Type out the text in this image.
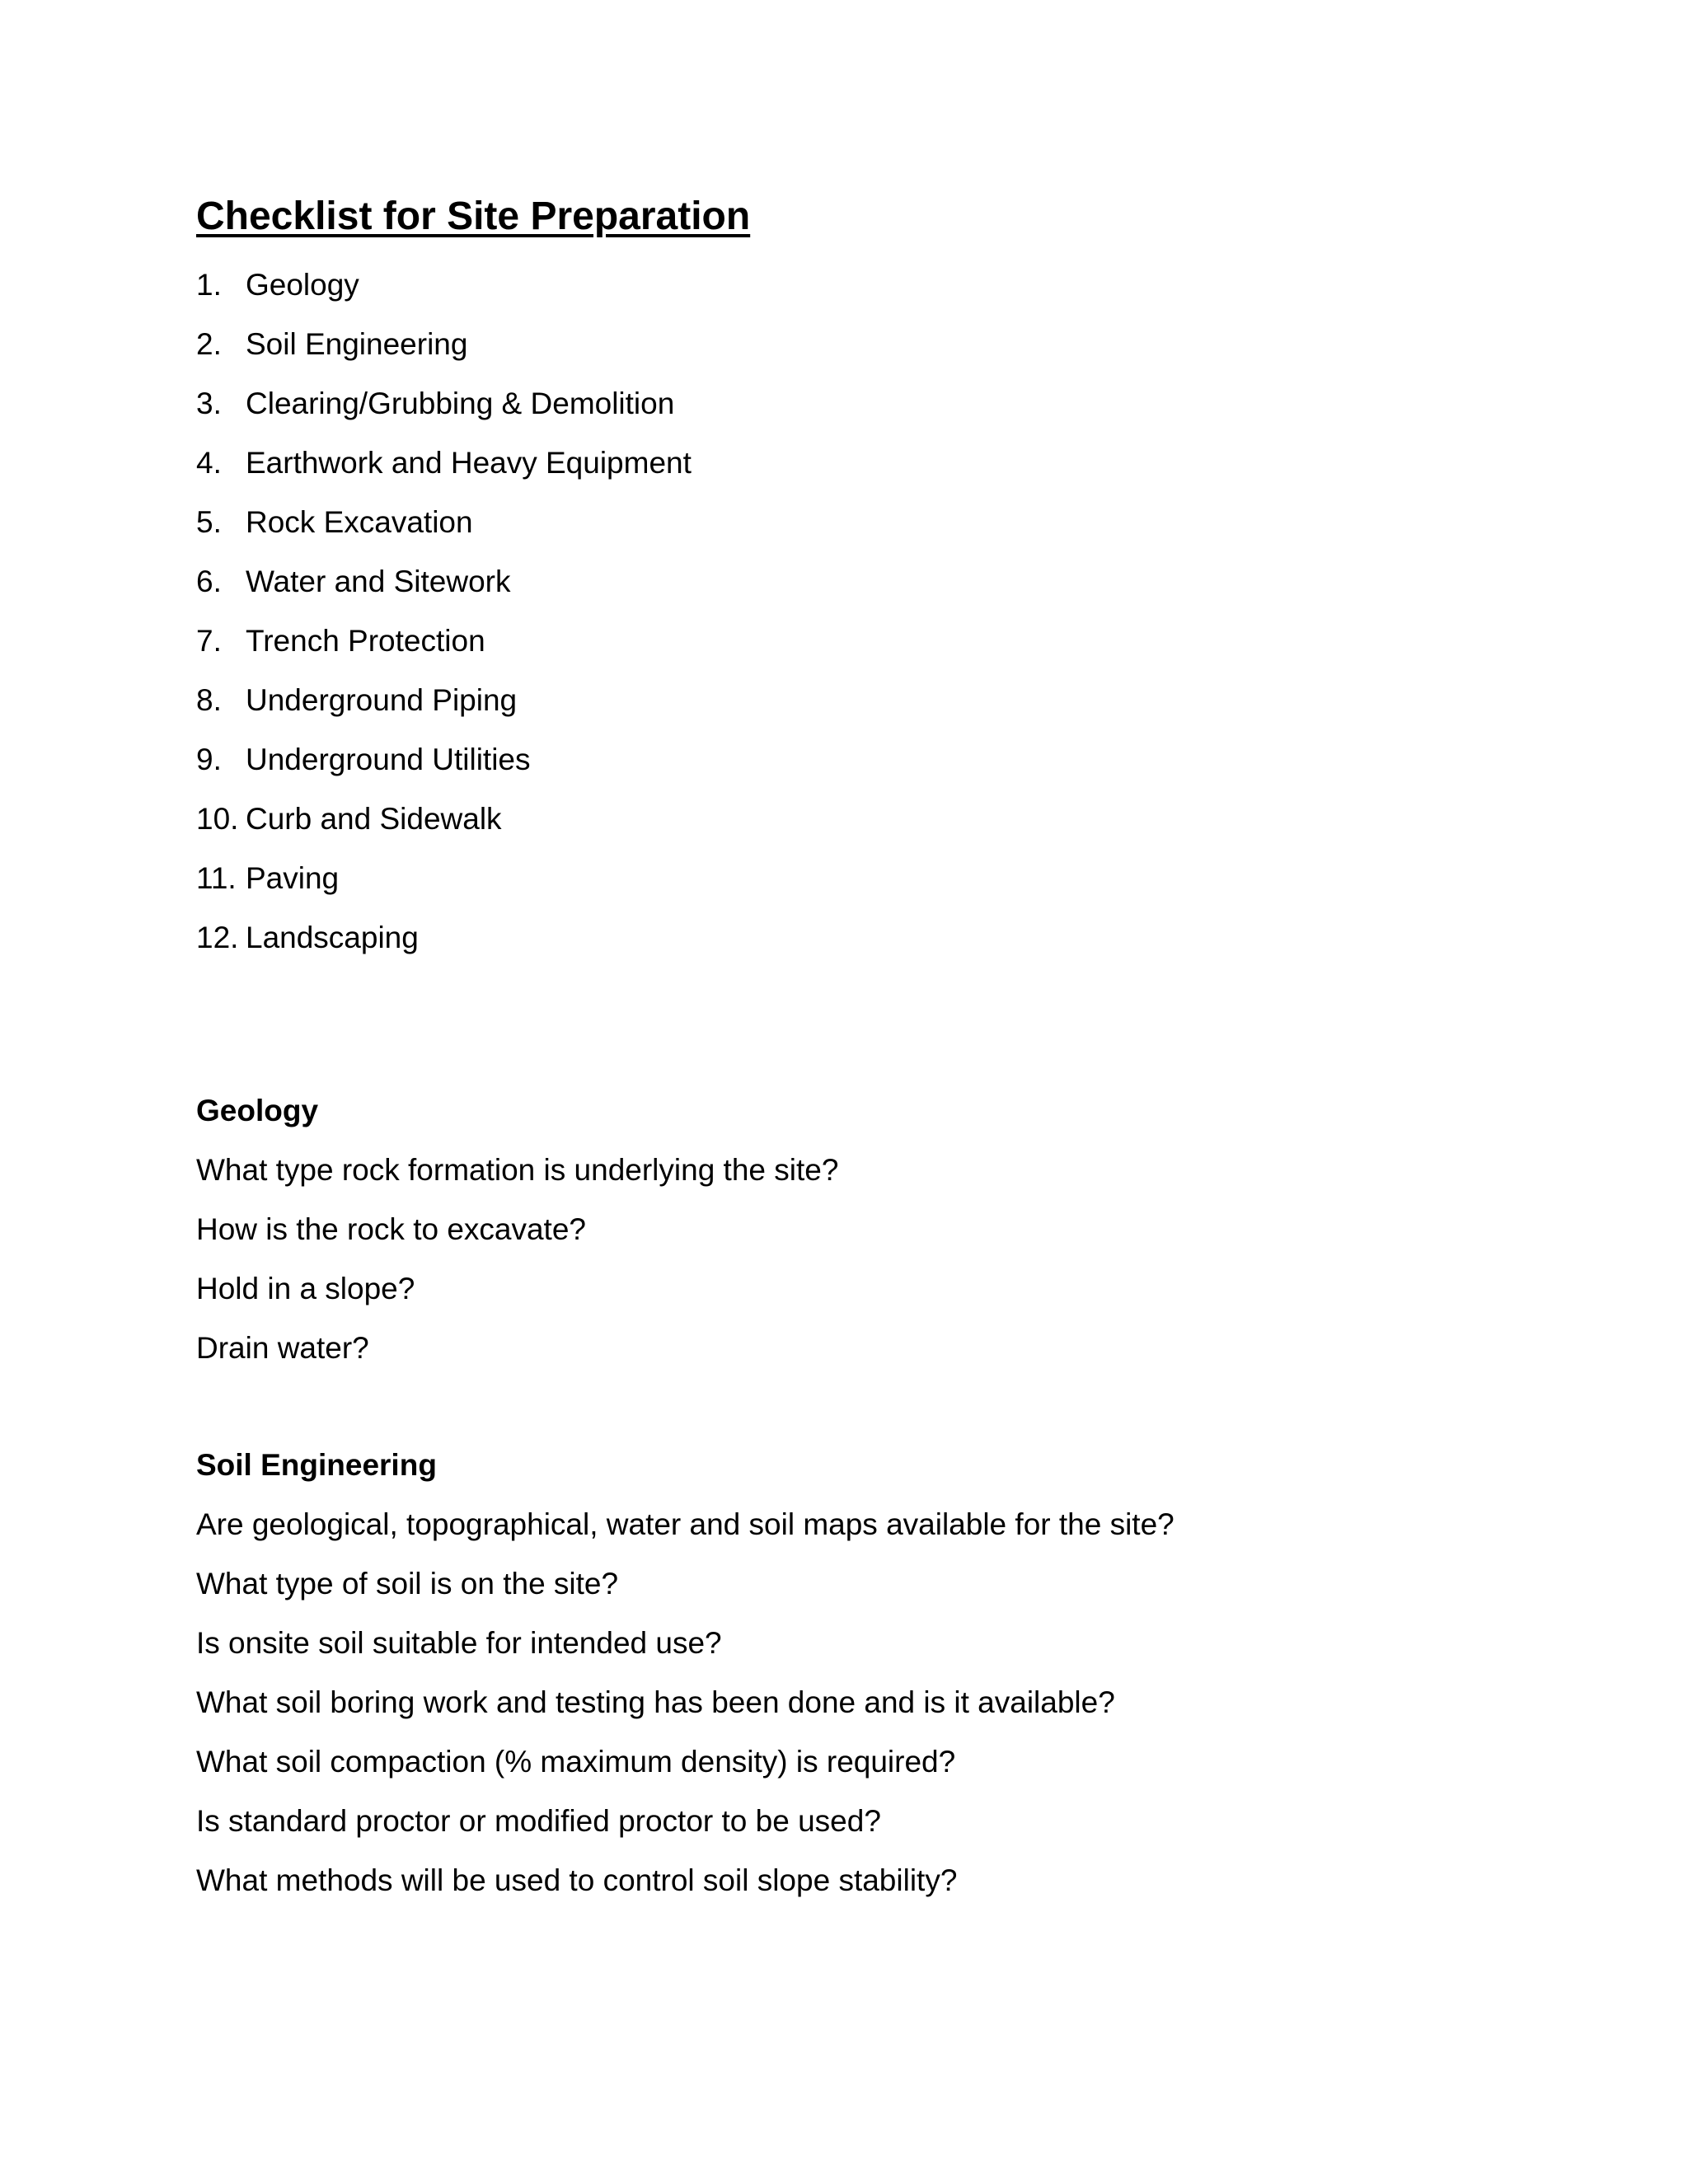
Checklist for Site Preparation
1. Geology
2. Soil Engineering
3. Clearing/Grubbing & Demolition
4. Earthwork and Heavy Equipment
5. Rock Excavation
6. Water and Sitework
7. Trench Protection
8. Underground Piping
9. Underground Utilities
10. Curb and Sidewalk
11. Paving
12. Landscaping
Geology

What type rock formation is underlying the site?

How is the rock to excavate?

Hold in a slope?

Drain water?

Soil Engineering

Are geological, topographical, water and soil maps available for the site?

What type of soil is on the site?

Is onsite soil suitable for intended use?

What soil boring work and testing has been done and is it available?

What soil compaction (% maximum density) is required?

Is standard proctor or modified proctor to be used?

What methods will be used to control soil slope stability?
